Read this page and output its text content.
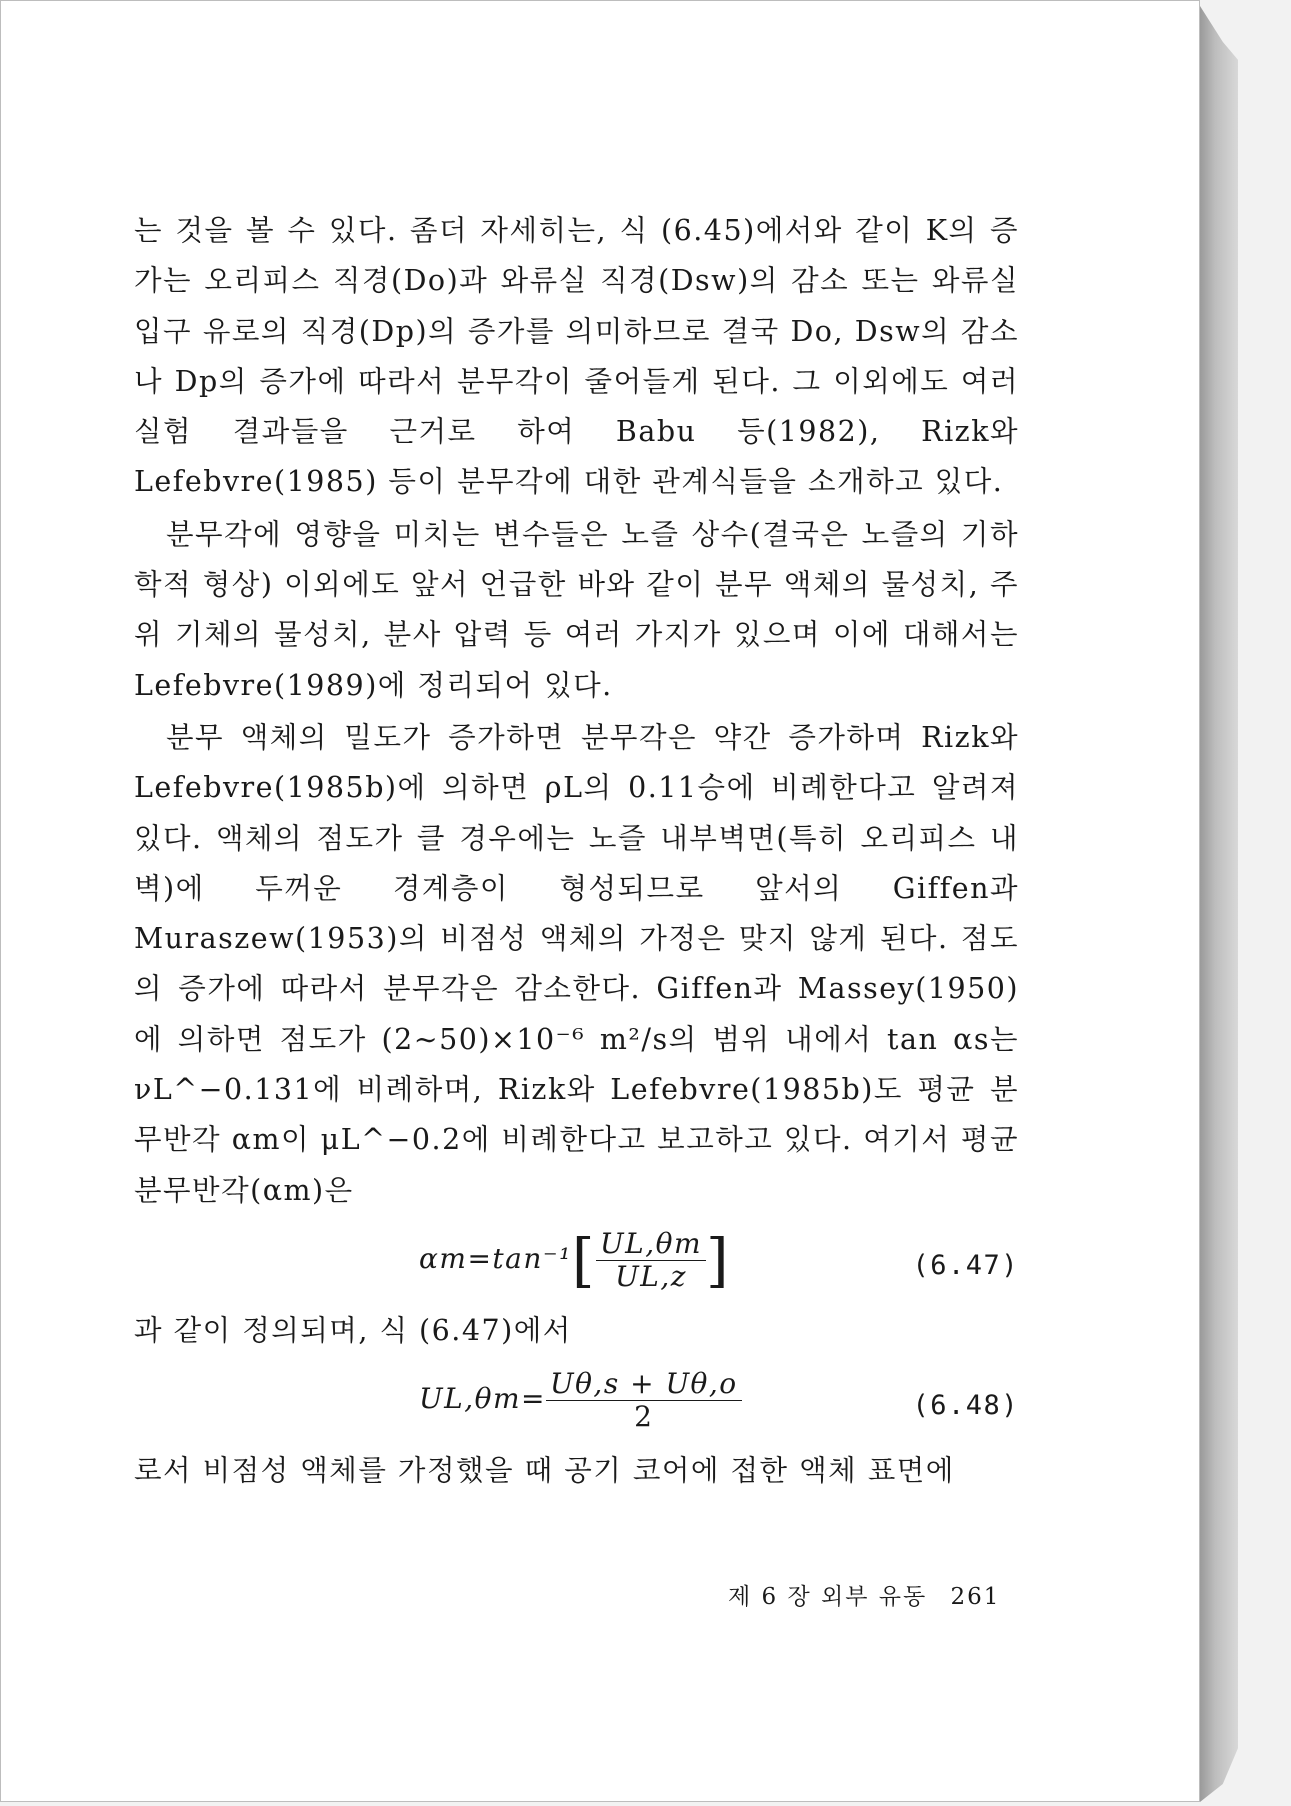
는 것을 볼 수 있다. 좀더 자세히는, 식 (6.45)에서와 같이 K의 증가는 오리피스 직경(Do)과 와류실 직경(Dsw)의 감소 또는 와류실 입구 유로의 직경(Dp)의 증가를 의미하므로 결국 Do, Dsw의 감소나 Dp의 증가에 따라서 분무각이 줄어들게 된다. 그 이외에도 여러 실험 결과들을 근거로 하여 Babu 등(1982), Rizk와 Lefebvre(1985) 등이 분무각에 대한 관계식들을 소개하고 있다.

분무각에 영향을 미치는 변수들은 노즐 상수(결국은 노즐의 기하학적 형상) 이외에도 앞서 언급한 바와 같이 분무 액체의 물성치, 주위 기체의 물성치, 분사 압력 등 여러 가지가 있으며 이에 대해서는 Lefebvre(1989)에 정리되어 있다.

분무 액체의 밀도가 증가하면 분무각은 약간 증가하며 Rizk와 Lefebvre(1985b)에 의하면 ρL의 0.11승에 비례한다고 알려져 있다. 액체의 점도가 클 경우에는 노즐 내부벽면(특히 오리피스 내벽)에 두꺼운 경계층이 형성되므로 앞서의 Giffen과 Muraszew(1953)의 비점성 액체의 가정은 맞지 않게 된다. 점도의 증가에 따라서 분무각은 감소한다. Giffen과 Massey(1950)에 의하면 점도가 (2∼50)×10⁻⁶ m²/s의 범위 내에서 tan αs는 νL^−0.131에 비례하며, Rizk와 Lefebvre(1985b)도 평균 분무반각 αm이 μL^−0.2에 비례한다고 보고하고 있다. 여기서 평균 분무반각(αm)은

$\alpha m=\tan^{-1}[ \frac{UL,\theta m}{UL,z}$ ]	(6.47)

과 같이 정의되며, 식 (6.47)에서

$UL,\theta m= \frac{U\theta,s + U\theta,o}{2}$	(6.48)

로서 비점성 액체를 가정했을 때 공기 코어에 접한 액체 표면에

제 6 장 외부 유동 261
